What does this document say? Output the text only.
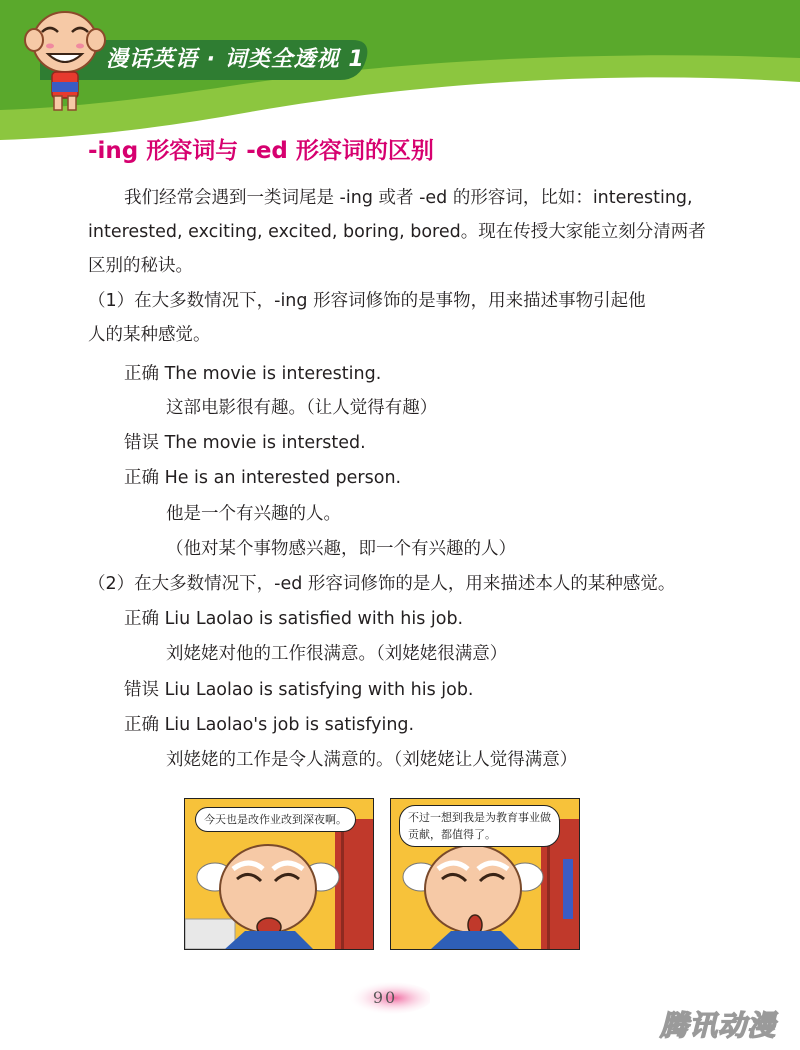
漫话英语 · 词类全透视 1
-ing 形容词与 -ed 形容词的区别
我们经常会遇到一类词尾是 -ing 或者 -ed 的形容词，比如：interesting,
interested, exciting, excited, boring, bored。现在传授大家能立刻分清两者
区别的秘诀。
（1）在大多数情况下，-ing 形容词修饰的是事物，用来描述事物引起他
人的某种感觉。
正确 The movie is interesting.
这部电影很有趣。（让人觉得有趣）
错误 The movie is intersted.
正确 He is an interested person.
他是一个有兴趣的人。
（他对某个事物感兴趣，即一个有兴趣的人）
（2）在大多数情况下，-ed 形容词修饰的是人，用来描述本人的某种感觉。
正确 Liu Laolao is satisfied with his job.
刘姥姥对他的工作很满意。（刘姥姥很满意）
错误 Liu Laolao is satisfying with his job.
正确 Liu Laolao's job is satisfying.
刘姥姥的工作是令人满意的。（刘姥姥让人觉得满意）
今天也是改作业改到深夜啊。	不过一想到我是为教育事业做
贡献，都值得了。
90
腾讯动漫
